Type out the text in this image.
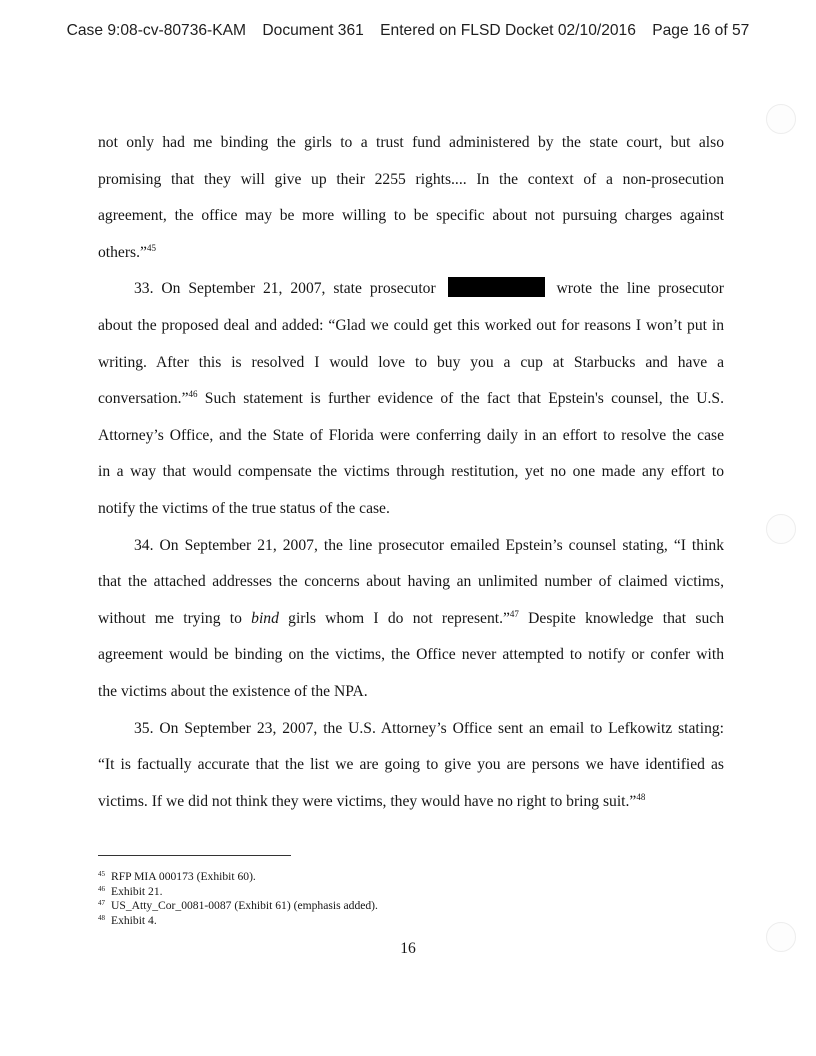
Case 9:08-cv-80736-KAM Document 361 Entered on FLSD Docket 02/10/2016 Page 16 of 57
not only had me binding the girls to a trust fund administered by the state court, but also
promising that they will give up their 2255 rights.... In the context of a non-prosecution
agreement, the office may be more willing to be specific about not pursuing charges against
others.”$^{45}$
33. On September 21, 2007, state prosecutor	wrote the line prosecutor
about the proposed deal and added: “Glad we could get this worked out for reasons I won’t put in
writing. After this is resolved I would love to buy you a cup at Starbucks and have a
conversation.”$^{46}$ Such statement is further evidence of the fact that Epstein's counsel, the U.S.
Attorney’s Office, and the State of Florida were conferring daily in an effort to resolve the case
in a way that would compensate the victims through restitution, yet no one made any effort to
notify the victims of the true status of the case.
34. On September 21, 2007, the line prosecutor emailed Epstein’s counsel stating, “I think
that the attached addresses the concerns about having an unlimited number of claimed victims,
without me trying to bind girls whom I do not represent.”$^{47}$ Despite knowledge that such
agreement would be binding on the victims, the Office never attempted to notify or confer with
the victims about the existence of the NPA.
35. On September 23, 2007, the U.S. Attorney’s Office sent an email to Lefkowitz stating:
“It is factually accurate that the list we are going to give you are persons we have identified as
victims. If we did not think they were victims, they would have no right to bring suit.”$^{48}$
$^{45}$ RFP MIA 000173 (Exhibit 60).
$^{46}$ Exhibit 21.
$^{47}$ US_Atty_Cor_0081-0087 (Exhibit 61) (emphasis added).
$^{48}$ Exhibit 4.
16
